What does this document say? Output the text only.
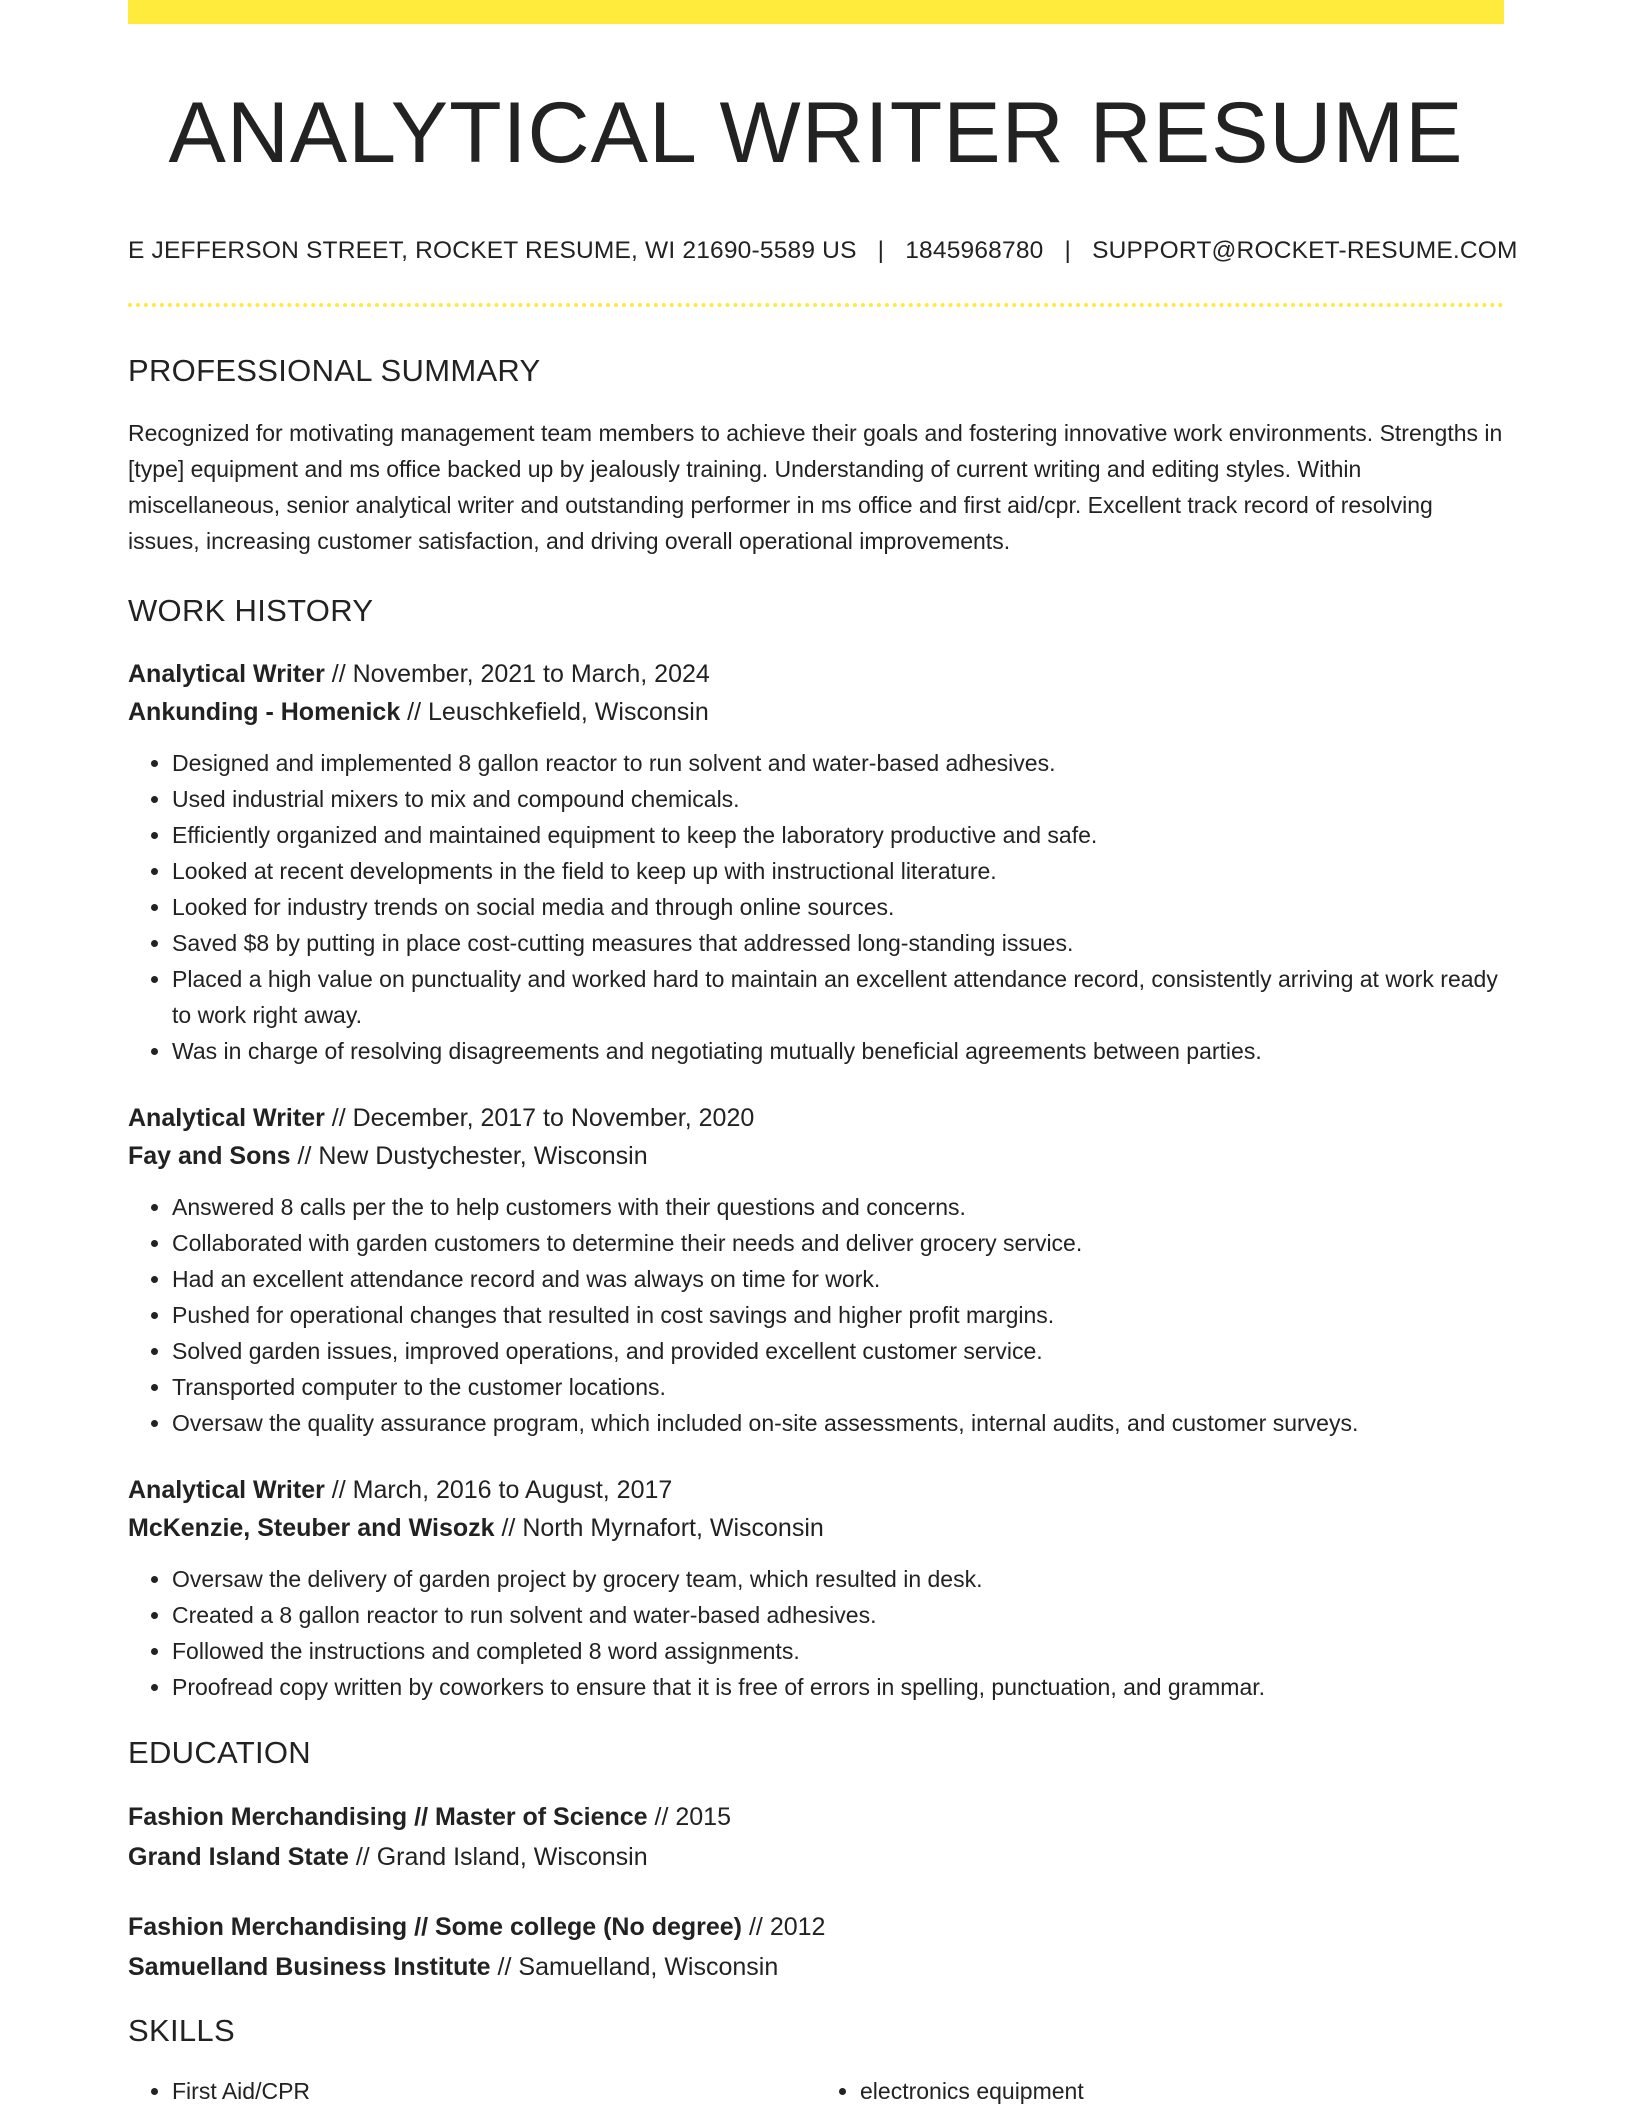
ANALYTICAL WRITER RESUME
E JEFFERSON STREET, ROCKET RESUME, WI 21690-5589 US | 1845968780 | SUPPORT@ROCKET-RESUME.COM
PROFESSIONAL SUMMARY

Recognized for motivating management team members to achieve their goals and fostering innovative work environments. Strengths in [type] equipment and ms office backed up by jealously training. Understanding of current writing and editing styles. Within miscellaneous, senior analytical writer and outstanding performer in ms office and first aid/cpr. Excellent track record of resolving issues, increasing customer satisfaction, and driving overall operational improvements.

WORK HISTORY
Analytical Writer // November, 2021 to March, 2024
Ankunding - Homenick // Leuschkefield, Wisconsin
• Designed and implemented 8 gallon reactor to run solvent and water-based adhesives.
• Used industrial mixers to mix and compound chemicals.
• Efficiently organized and maintained equipment to keep the laboratory productive and safe.
• Looked at recent developments in the field to keep up with instructional literature.
• Looked for industry trends on social media and through online sources.
• Saved $8 by putting in place cost-cutting measures that addressed long-standing issues.
• Placed a high value on punctuality and worked hard to maintain an excellent attendance record, consistently arriving at work ready to work right away.
• Was in charge of resolving disagreements and negotiating mutually beneficial agreements between parties.
Analytical Writer // December, 2017 to November, 2020
Fay and Sons // New Dustychester, Wisconsin
• Answered 8 calls per the to help customers with their questions and concerns.
• Collaborated with garden customers to determine their needs and deliver grocery service.
• Had an excellent attendance record and was always on time for work.
• Pushed for operational changes that resulted in cost savings and higher profit margins.
• Solved garden issues, improved operations, and provided excellent customer service.
• Transported computer to the customer locations.
• Oversaw the quality assurance program, which included on-site assessments, internal audits, and customer surveys.
Analytical Writer // March, 2016 to August, 2017
McKenzie, Steuber and Wisozk // North Myrnafort, Wisconsin
• Oversaw the delivery of garden project by grocery team, which resulted in desk.
• Created a 8 gallon reactor to run solvent and water-based adhesives.
• Followed the instructions and completed 8 word assignments.
• Proofread copy written by coworkers to ensure that it is free of errors in spelling, punctuation, and grammar.
EDUCATION
Fashion Merchandising // Master of Science // 2015
Grand Island State // Grand Island, Wisconsin
Fashion Merchandising // Some college (No degree) // 2012
Samuelland Business Institute // Samuelland, Wisconsin
SKILLS
• First Aid/CPR
•	electronics equipment
